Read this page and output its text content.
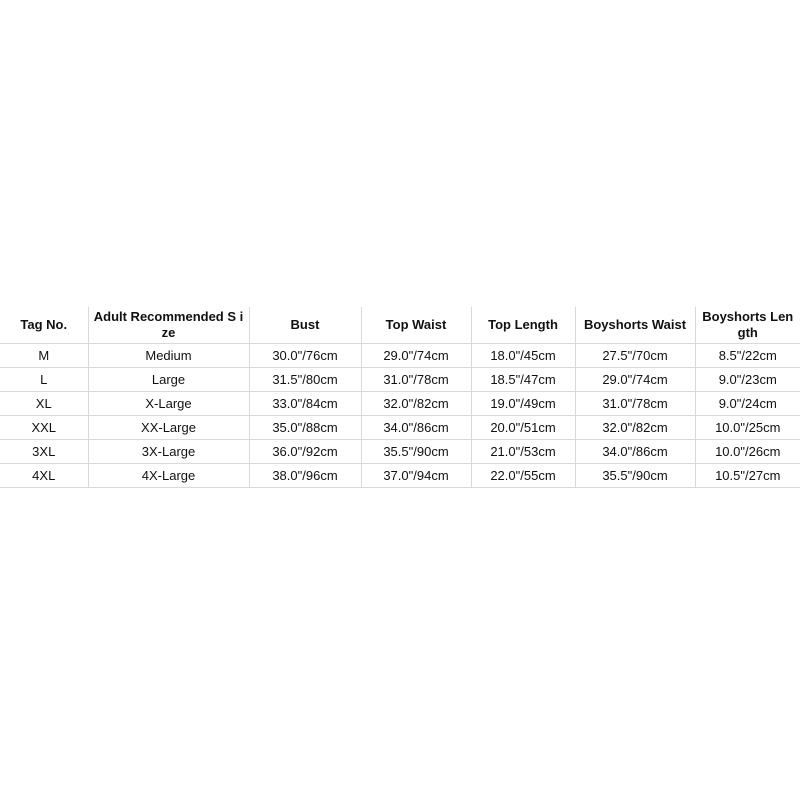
Tag No.	Adult Recommended S ize	Bust	Top Waist	Top Length	Boyshorts Waist	Boyshorts Len gth
M	Medium	30.0"/76cm	29.0"/74cm	18.0"/45cm	27.5"/70cm	8.5"/22cm
L	Large	31.5"/80cm	31.0"/78cm	18.5"/47cm	29.0"/74cm	9.0"/23cm
XL	X-Large	33.0"/84cm	32.0"/82cm	19.0"/49cm	31.0"/78cm	9.0"/24cm
XXL	XX-Large	35.0"/88cm	34.0"/86cm	20.0"/51cm	32.0"/82cm	10.0"/25cm
3XL	3X-Large	36.0"/92cm	35.5"/90cm	21.0"/53cm	34.0"/86cm	10.0"/26cm
4XL	4X-Large	38.0"/96cm	37.0"/94cm	22.0"/55cm	35.5"/90cm	10.5"/27cm
